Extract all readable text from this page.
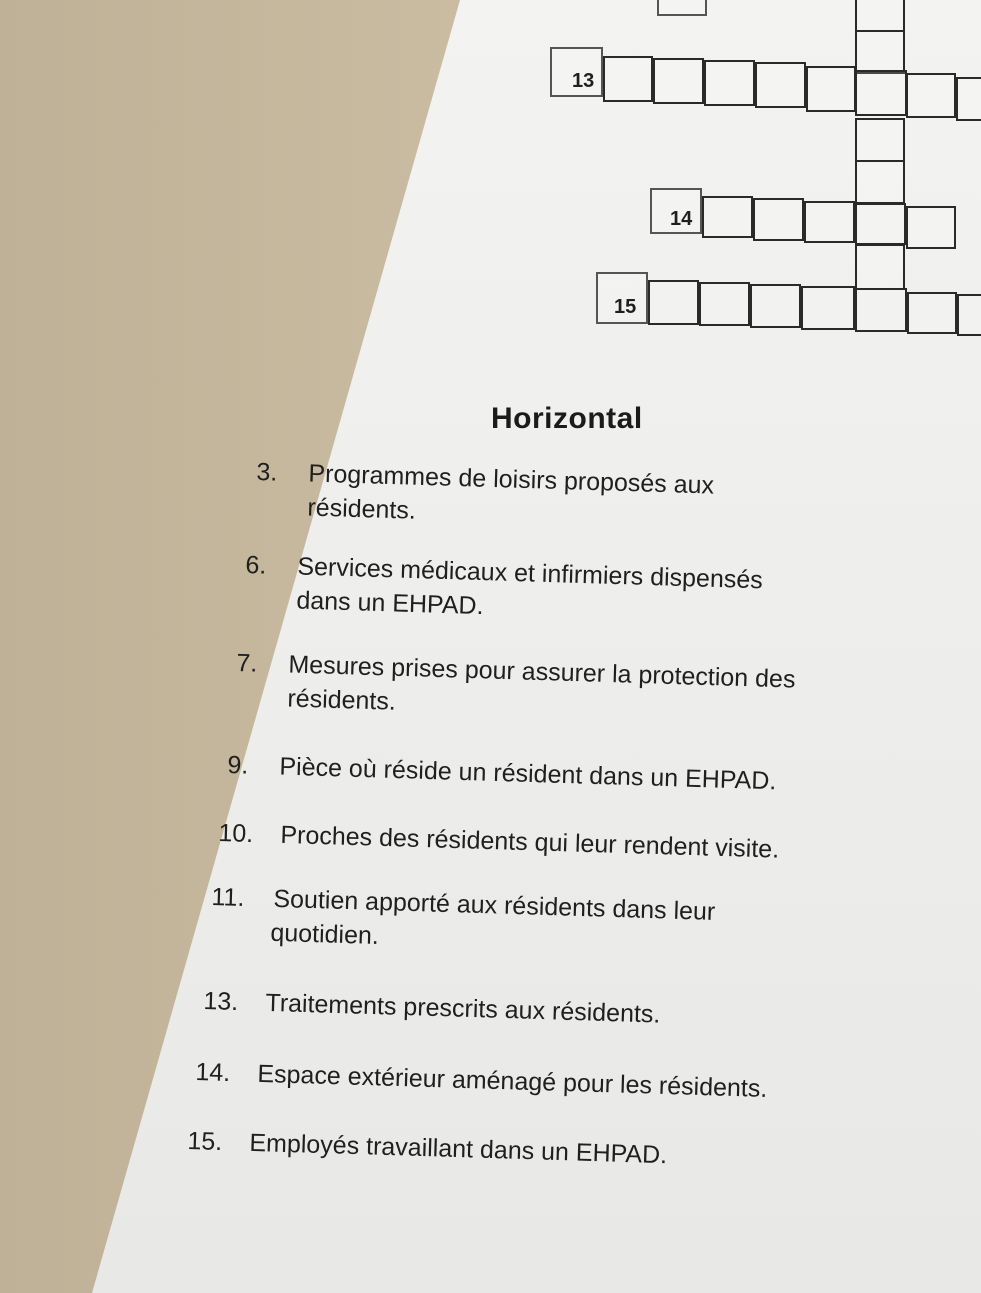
13
14
15
Horizontal
3. Programmes de loisirs proposés aux
résidents.
6. Services médicaux et infirmiers dispensés
dans un EHPAD.
7. Mesures prises pour assurer la protection des
résidents.
9. Pièce où réside un résident dans un EHPAD.
10. Proches des résidents qui leur rendent visite.
11. Soutien apporté aux résidents dans leur
quotidien.
13. Traitements prescrits aux résidents.
14. Espace extérieur aménagé pour les résidents.
15. Employés travaillant dans un EHPAD.
